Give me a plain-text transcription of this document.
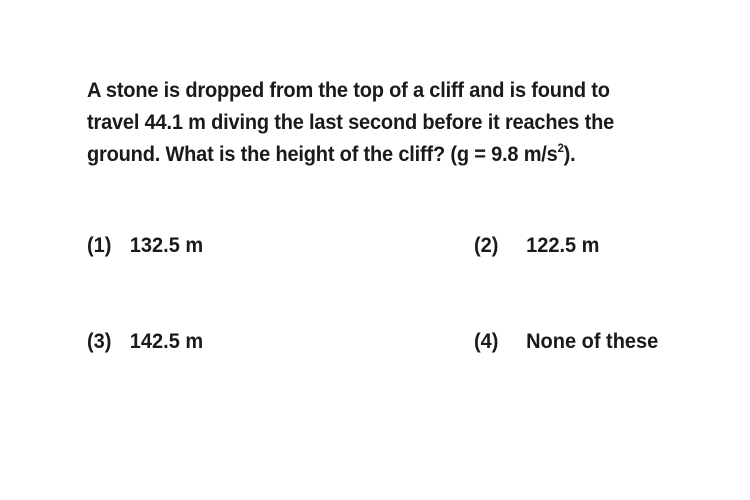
A stone is dropped from the top of a cliff and is found to
travel 44.1 m diving the last second before it reaches the
ground. What is the height of the cliff? (g = 9.8 $m/s^2$).
(1) 132.5 m	(2) 122.5 m
(3) 142.5 m	(4) None of these
